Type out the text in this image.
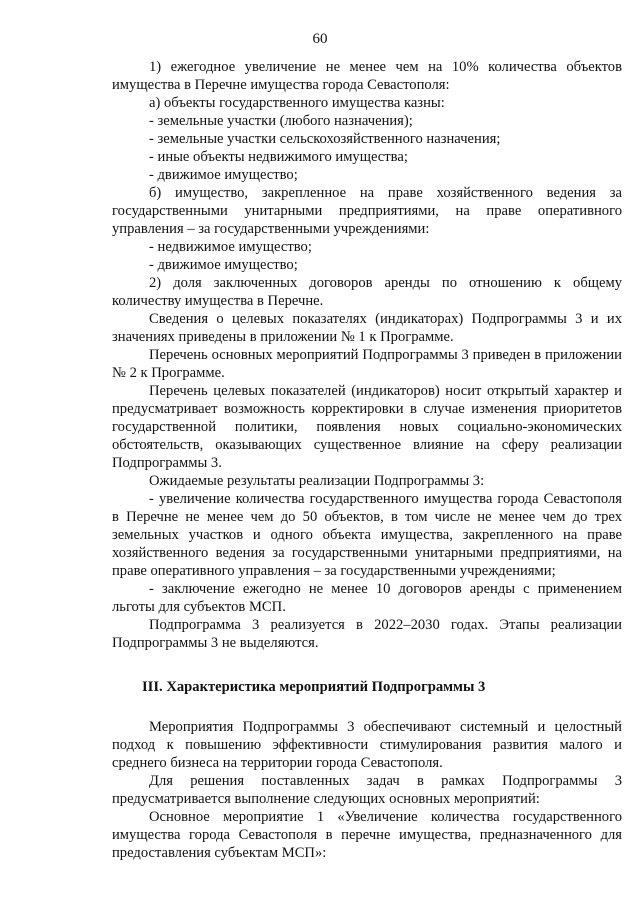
60

1) ежегодное увеличение не менее чем на 10% количества объектов имущества в Перечне имущества города Севастополя:

а) объекты государственного имущества казны:

- земельные участки (любого назначения);

- земельные участки сельскохозяйственного назначения;

- иные объекты недвижимого имущества;

- движимое имущество;

б) имущество, закрепленное на праве хозяйственного ведения за государственными унитарными предприятиями, на праве оперативного управления – за государственными учреждениями:

- недвижимое имущество;

- движимое имущество;

2) доля заключенных договоров аренды по отношению к общему количеству имущества в Перечне.

Сведения о целевых показателях (индикаторах) Подпрограммы 3 и их значениях приведены в приложении № 1 к Программе.

Перечень основных мероприятий Подпрограммы 3 приведен в приложении № 2 к Программе.

Перечень целевых показателей (индикаторов) носит открытый характер и предусматривает возможность корректировки в случае изменения приоритетов государственной политики, появления новых социально-экономических обстоятельств, оказывающих существенное влияние на сферу реализации Подпрограммы 3.

Ожидаемые результаты реализации Подпрограммы 3:

- увеличение количества государственного имущества города Севастополя в Перечне не менее чем до 50 объектов, в том числе не менее чем до трех земельных участков и одного объекта имущества, закрепленного на праве хозяйственного ведения за государственными унитарными предприятиями, на праве оперативного управления – за государственными учреждениями;

- заключение ежегодно не менее 10 договоров аренды с применением льготы для субъектов МСП.

Подпрограмма 3 реализуется в 2022–2030 годах. Этапы реализации Подпрограммы 3 не выделяются.

III. Характеристика мероприятий Подпрограммы 3

Мероприятия Подпрограммы 3 обеспечивают системный и целостный подход к повышению эффективности стимулирования развития малого и среднего бизнеса на территории города Севастополя.

Для решения поставленных задач в рамках Подпрограммы 3 предусматривается выполнение следующих основных мероприятий:

Основное мероприятие 1 «Увеличение количества государственного имущества города Севастополя в перечне имущества, предназначенного для предоставления субъектам МСП»:
